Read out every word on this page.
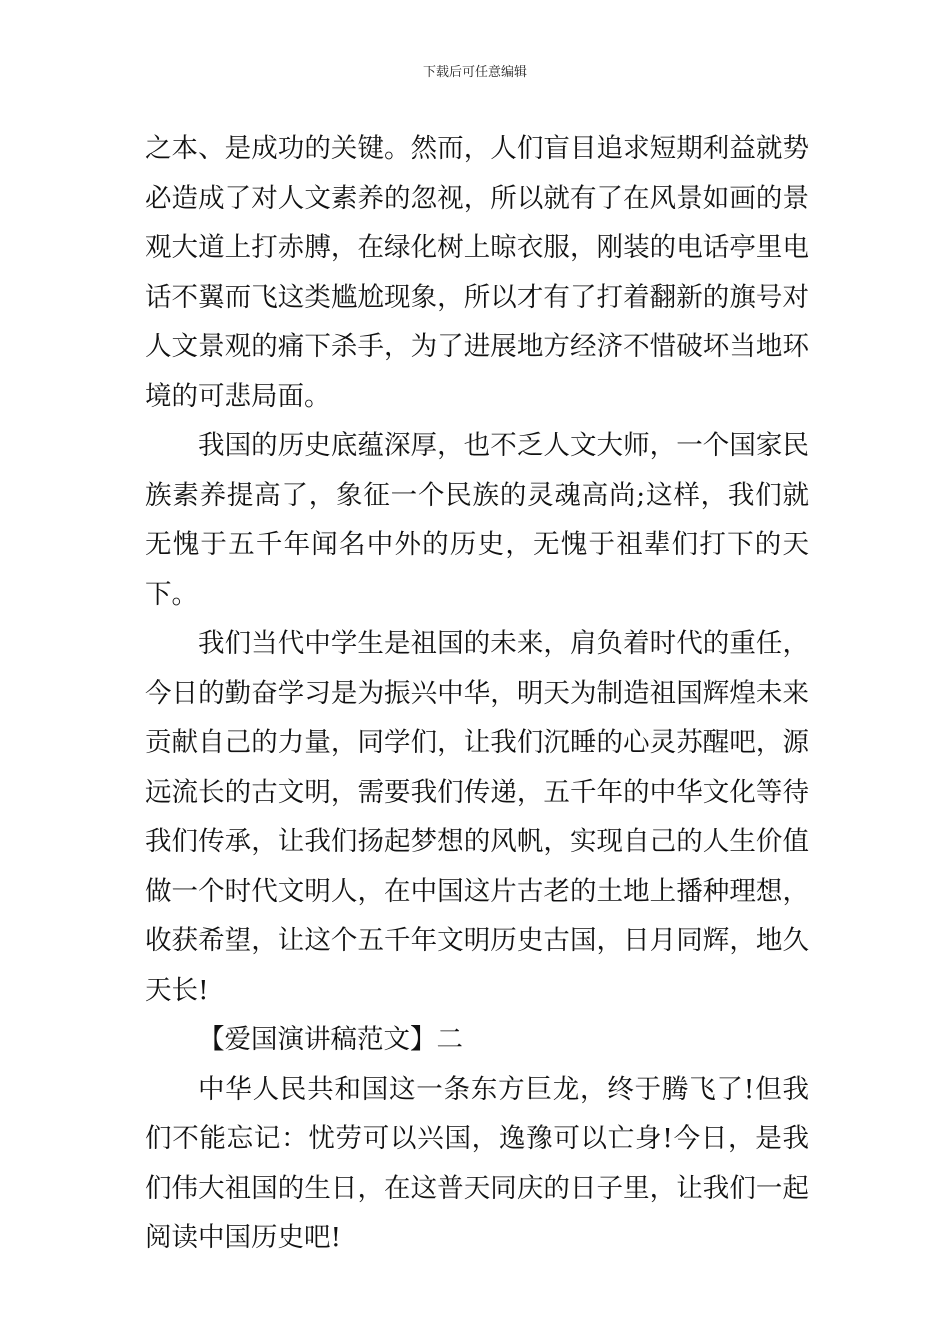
下载后可任意编辑

之本、是成功的关键。然而，人们盲目追求短期利益就势必造成了对人文素养的忽视，所以就有了在风景如画的景观大道上打赤膊，在绿化树上晾衣服，刚装的电话亭里电话不翼而飞这类尴尬现象，所以才有了打着翻新的旗号对人文景观的痛下杀手，为了进展地方经济不惜破坏当地环境的可悲局面。

我国的历史底蕴深厚，也不乏人文大师，一个国家民族素养提高了，象征一个民族的灵魂高尚;这样，我们就无愧于五千年闻名中外的历史，无愧于祖辈们打下的天下。

我们当代中学生是祖国的未来，肩负着时代的重任，今日的勤奋学习是为振兴中华，明天为制造祖国辉煌未来贡献自己的力量，同学们，让我们沉睡的心灵苏醒吧，源远流长的古文明，需要我们传递，五千年的中华文化等待我们传承，让我们扬起梦想的风帆，实现自己的人生价值做一个时代文明人，在中国这片古老的土地上播种理想，收获希望，让这个五千年文明历史古国，日月同辉，地久天长!

【爱国演讲稿范文】二

中华人民共和国这一条东方巨龙，终于腾飞了!但我们不能忘记：忧劳可以兴国，逸豫可以亡身!今日，是我们伟大祖国的生日，在这普天同庆的日子里，让我们一起阅读中国历史吧!
